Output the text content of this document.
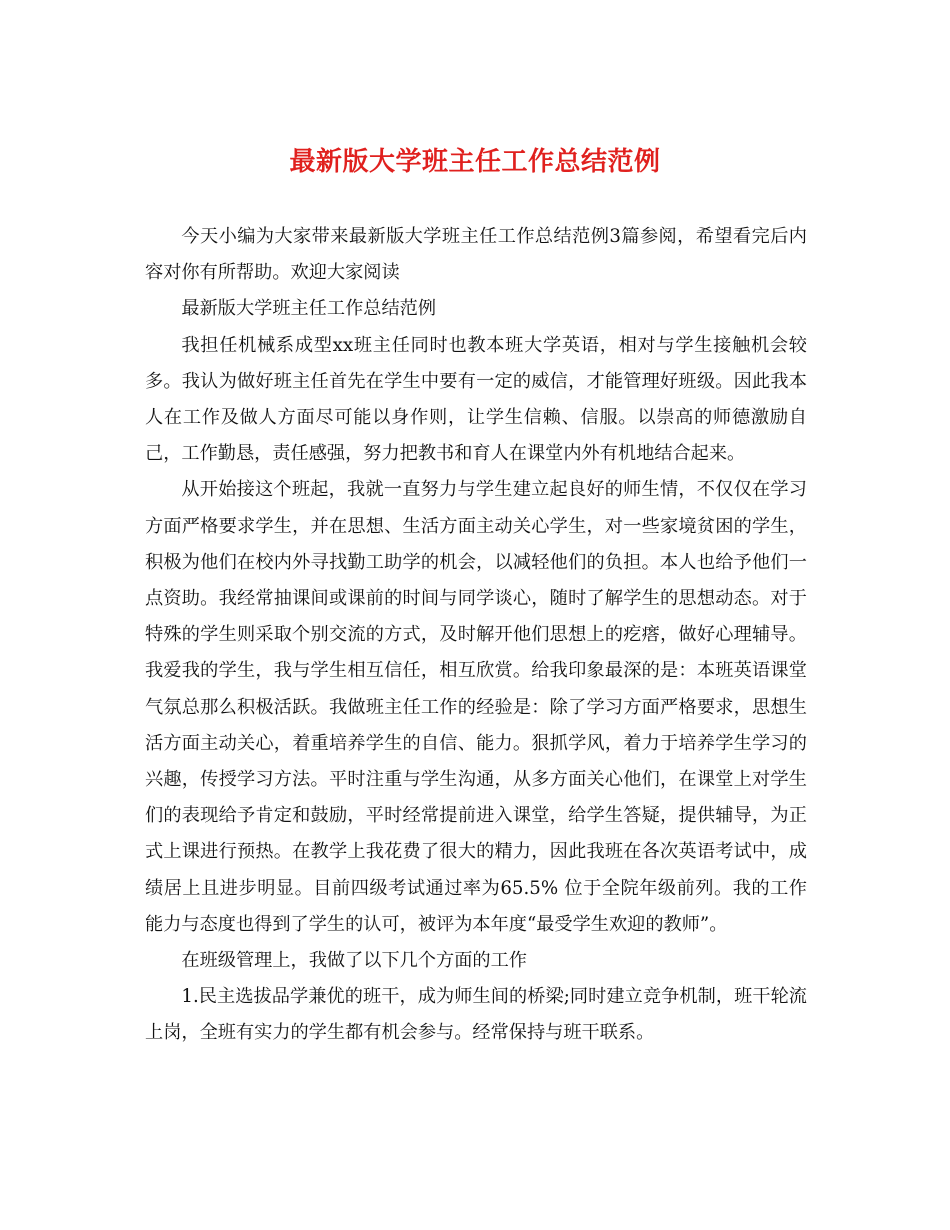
最新版大学班主任工作总结范例

今天小编为大家带来最新版大学班主任工作总结范例3篇参阅，希望看完后内容对你有所帮助。欢迎大家阅读

最新版大学班主任工作总结范例

我担任机械系成型xx班主任同时也教本班大学英语，相对与学生接触机会较多。我认为做好班主任首先在学生中要有一定的威信，才能管理好班级。因此我本人在工作及做人方面尽可能以身作则，让学生信赖、信服。以崇高的师德激励自己，工作勤恳，责任感强，努力把教书和育人在课堂内外有机地结合起来。

从开始接这个班起，我就一直努力与学生建立起良好的师生情，不仅仅在学习方面严格要求学生，并在思想、生活方面主动关心学生，对一些家境贫困的学生，积极为他们在校内外寻找勤工助学的机会，以减轻他们的负担。本人也给予他们一点资助。我经常抽课间或课前的时间与同学谈心，随时了解学生的思想动态。对于特殊的学生则采取个别交流的方式，及时解开他们思想上的疙瘩，做好心理辅导。我爱我的学生，我与学生相互信任，相互欣赏。给我印象最深的是：本班英语课堂气氛总那么积极活跃。我做班主任工作的经验是：除了学习方面严格要求，思想生活方面主动关心，着重培养学生的自信、能力。狠抓学风，着力于培养学生学习的兴趣，传授学习方法。平时注重与学生沟通，从多方面关心他们，在课堂上对学生们的表现给予肯定和鼓励，平时经常提前进入课堂，给学生答疑，提供辅导，为正式上课进行预热。在教学上我花费了很大的精力，因此我班在各次英语考试中，成绩居上且进步明显。目前四级考试通过率为65.5% 位于全院年级前列。我的工作能力与态度也得到了学生的认可，被评为本年度“最受学生欢迎的教师”。

在班级管理上，我做了以下几个方面的工作

1.民主选拔品学兼优的班干，成为师生间的桥梁;同时建立竞争机制，班干轮流上岗，全班有实力的学生都有机会参与。经常保持与班干联系。
